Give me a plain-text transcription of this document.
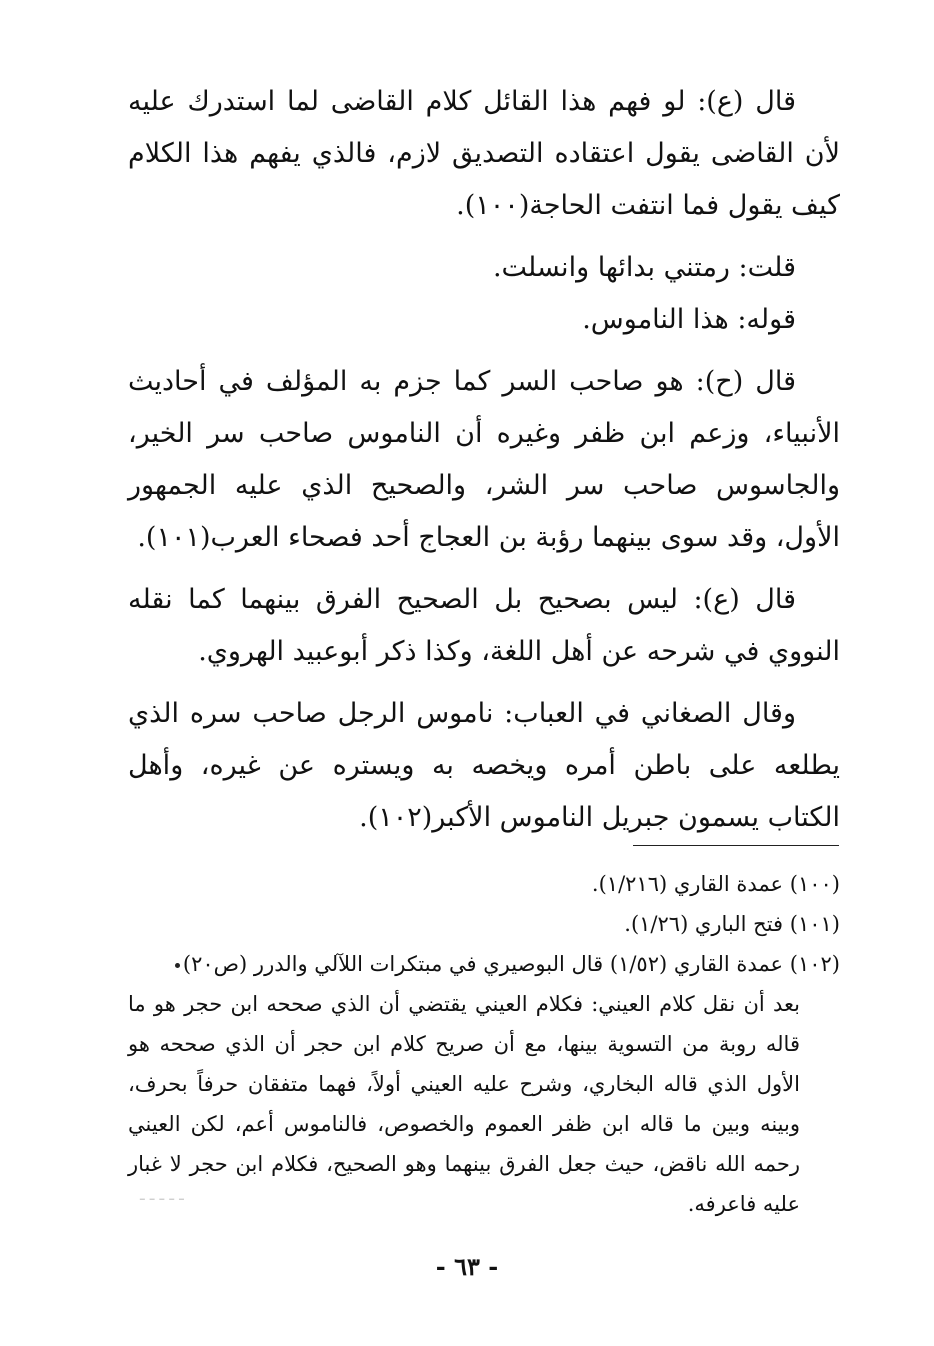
قال (ع): لو فهم هذا القائل كلام القاضى لما استدرك عليه لأن القاضى يقول اعتقاده التصديق لازم، فالذي يفهم هذا الكلام كيف يقول فما انتفت الحاجة(١٠٠).

قلت: رمتني بدائها وانسلت.

قوله: هذا الناموس.

قال (ح): هو صاحب السر كما جزم به المؤلف في أحاديث الأنبياء، وزعم ابن ظفر وغيره أن الناموس صاحب سر الخير، والجاسوس صاحب سر الشر، والصحيح الذي عليه الجمهور الأول، وقد سوى بينهما رؤبة بن العجاج أحد فصحاء العرب(١٠١).

قال (ع): ليس بصحيح بل الصحيح الفرق بينهما كما نقله النووي في شرحه عن أهل اللغة، وكذا ذكر أبوعبيد الهروي.

وقال الصغاني في العباب: ناموس الرجل صاحب سره الذي يطلعه على باطن أمره ويخصه به ويستره عن غيره، وأهل الكتاب يسمون جبريل الناموس الأكبر(١٠٢).

(١٠٠) عمدة القاري (١/٢١٦).

(١٠١) فتح الباري (١/٢٦).

(١٠٢) عمدة القاري (١/٥٢) قال البوصيري في مبتكرات اللآلي والدرر (ص٢٠)

بعد أن نقل كلام العيني: فكلام العيني يقتضي أن الذي صححه ابن حجر هو ما قاله روبة من التسوية بينها، مع أن صريح كلام ابن حجر أن الذي صححه هو الأول الذي قاله البخاري، وشرح عليه العيني أولاً، فهما متفقان حرفاً بحرف، وبينه وبين ما قاله ابن ظفر العموم والخصوص، فالناموس أعم، لكن العيني رحمه الله ناقض، حيث جعل الفرق بينهما وهو الصحيح، فكلام ابن حجر لا غبار عليه فاعرفه.

ـ ـ ـ ـ ـ
- ٦٣ -
